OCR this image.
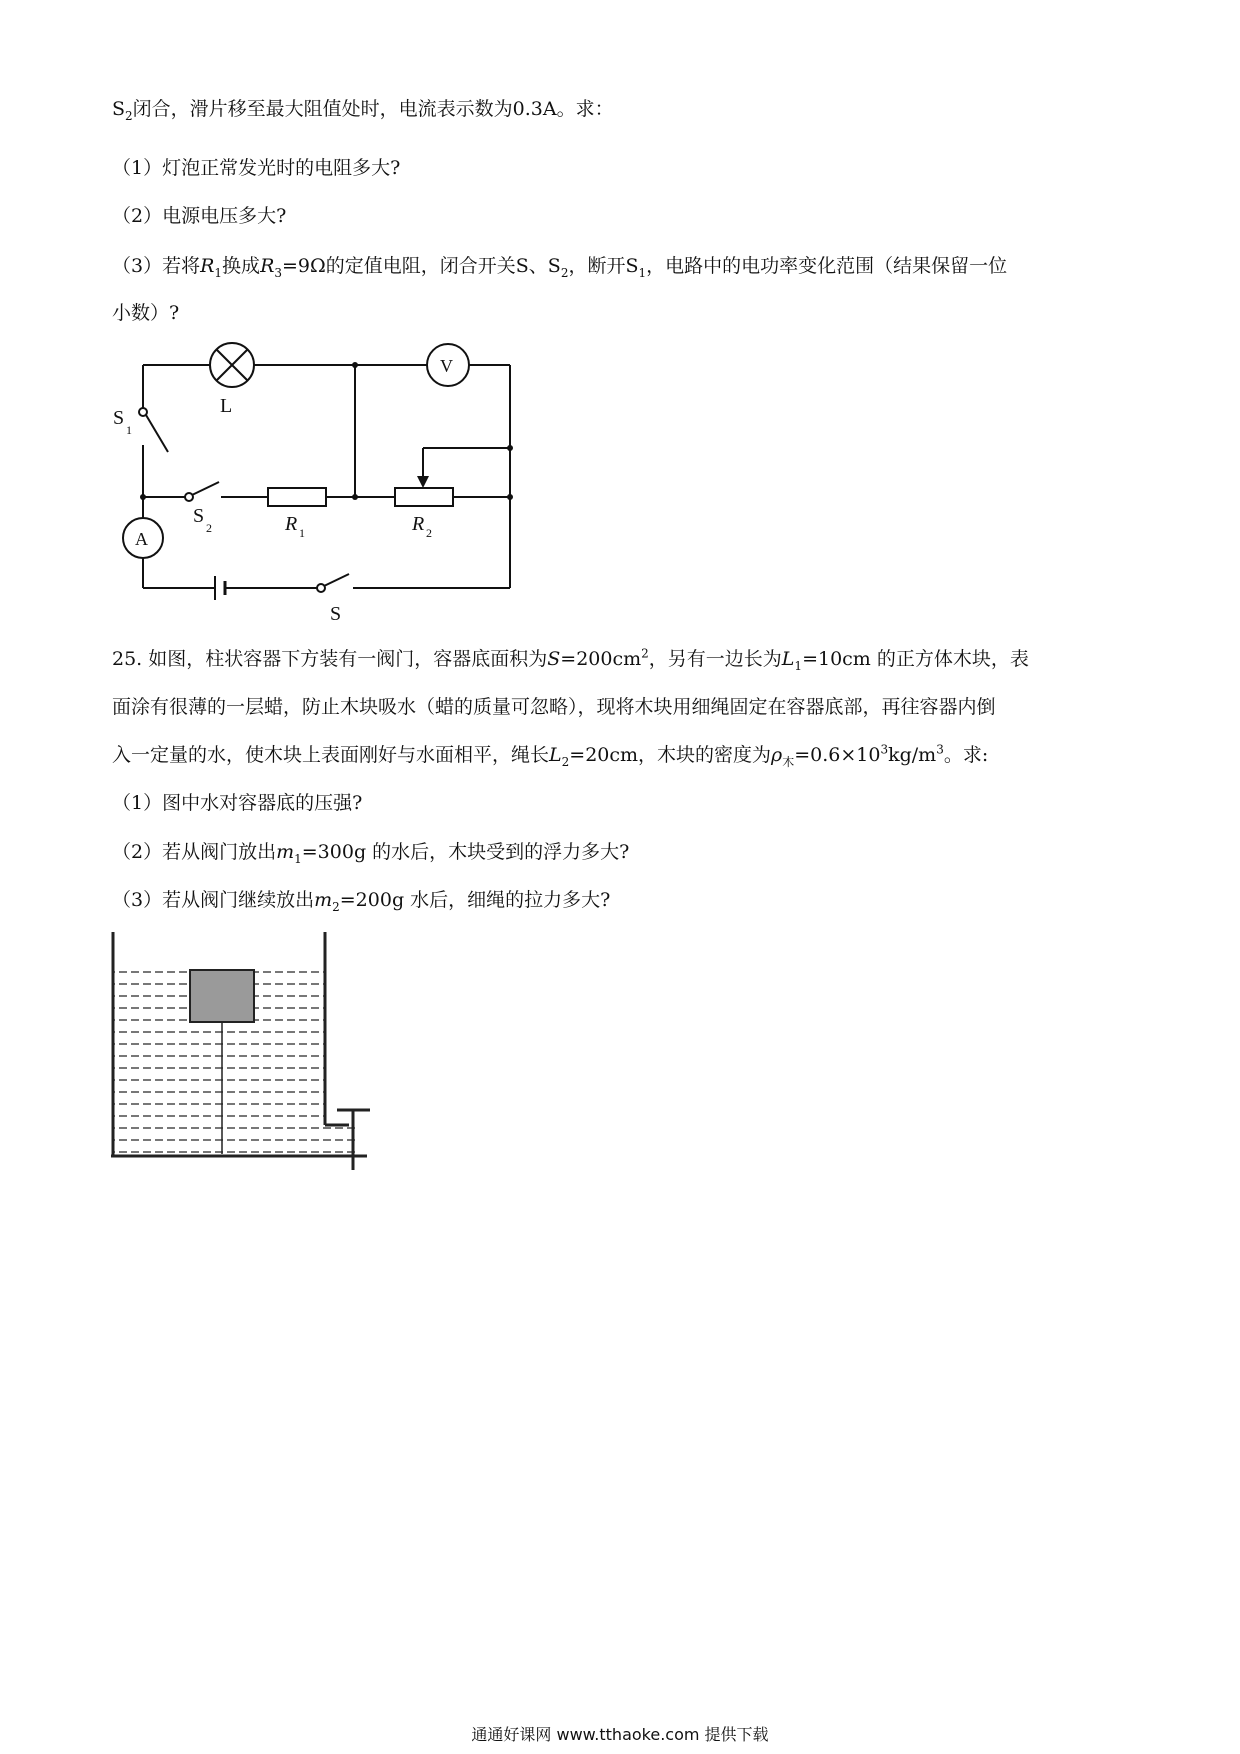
$S_2$闭合，滑片移至最大阻值处时，电流表示数为0.3A。求：
（1）灯泡正常发光时的电阻多大?
（2）电源电压多大?
（3）若将$R_1$换成$R_3=9\Omega$的定值电阻，闭合开关S、$S_2$，断开$S_1$，电路中的电功率变化范围（结果保留一位
小数）?
L
V
A
S
1
S
2	R 1	R 2
S
25. 如图，柱状容器下方装有一阀门，容器底面积为$S=200cm^2$，另有一边长为$L_1=10cm$ 的正方体木块，表
面涂有很薄的一层蜡，防止木块吸水（蜡的质量可忽略），现将木块用细绳固定在容器底部，再往容器内倒
入一定量的水，使木块上表面刚好与水面相平，绳长$L_2=20cm$，木块的密度为$\rho_木=0.6\times 10^3kg/m^3$。求:
（1）图中水对容器底的压强?
（2）若从阀门放出$m_1=300g$ 的水后，木块受到的浮力多大?
（3）若从阀门继续放出$m_2=200g$ 水后，细绳的拉力多大?
通通好课网 www.tthaoke.com 提供下载
